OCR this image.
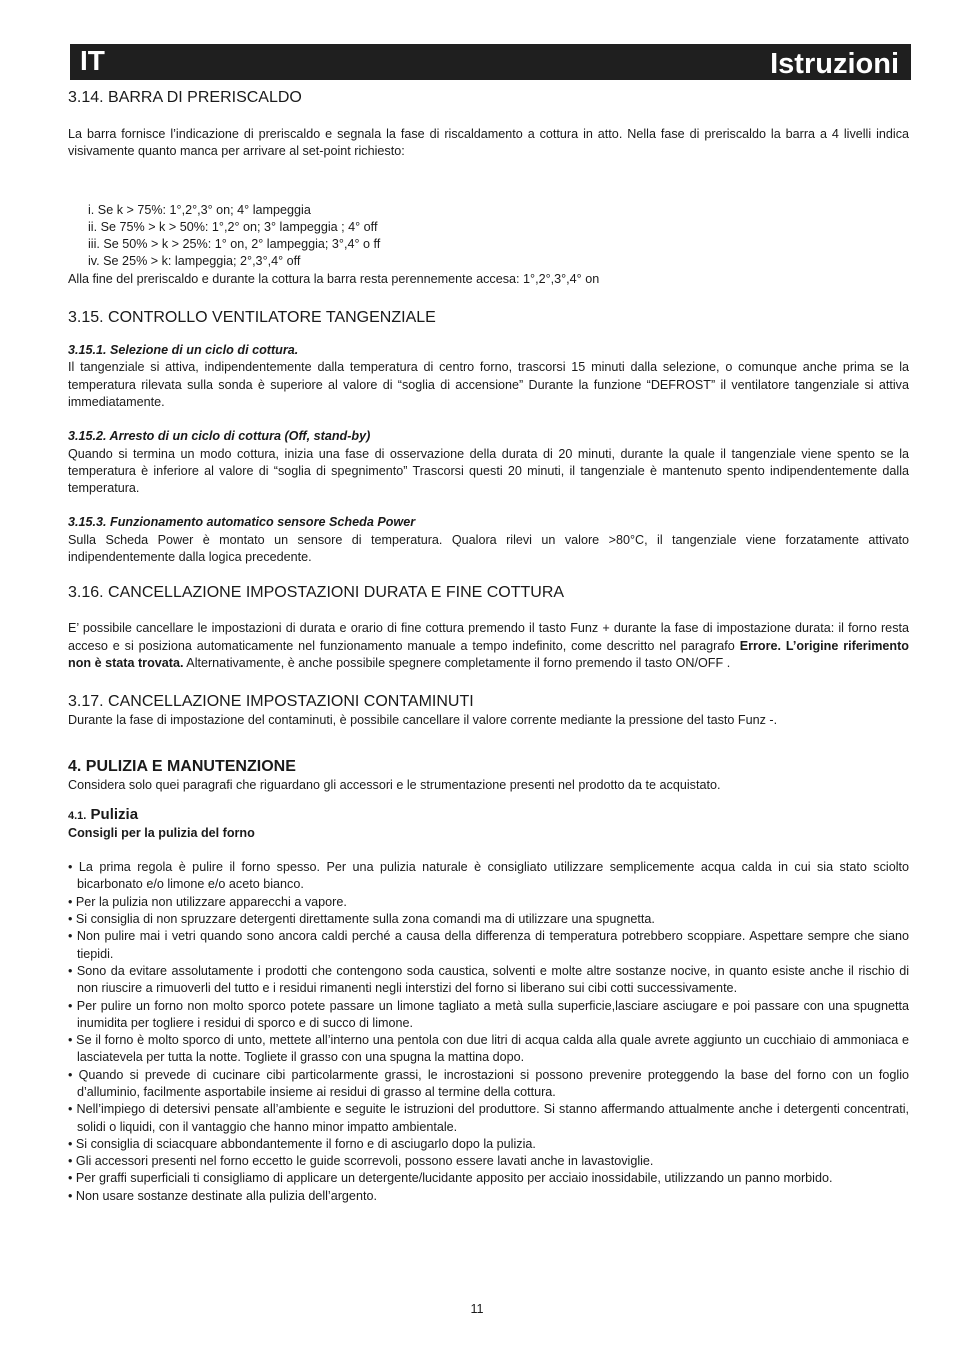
IT	Istruzioni
3.14. BARRA DI PRERISCALDO

La barra fornisce l’indicazione di preriscaldo e segnala la fase di riscaldamento a cottura in atto. Nella fase di preriscaldo la barra a 4 livelli indica visivamente quanto manca per arrivare al set-point richiesto:

i. Se k > 75%: 1°,2°,3° on; 4° lampeggia
ii. Se 75% > k > 50%: 1°,2° on; 3° lampeggia ; 4° off
iii. Se 50% > k > 25%: 1° on, 2° lampeggia; 3°,4° o ff
iv. Se 25% > k: lampeggia; 2°,3°,4° off

Alla fine del preriscaldo e durante la cottura la barra resta perennemente accesa: 1°,2°,3°,4° on

3.15. CONTROLLO VENTILATORE TANGENZIALE
3.15.1. Selezione di un ciclo di cottura.

Il tangenziale si attiva, indipendentemente dalla temperatura di centro forno, trascorsi 15 minuti dalla selezione, o comunque anche prima se la temperatura rilevata sulla sonda è superiore al valore di “soglia di accensione” Durante la funzione “DEFROST” il ventilatore tangenziale si attiva immediatamente.

3.15.2. Arresto di un ciclo di cottura (Off, stand-by)

Quando si termina un modo cottura, inizia una fase di osservazione della durata di 20 minuti, durante la quale il tangenziale viene spento se la temperatura è inferiore al valore di “soglia di spegnimento” Trascorsi questi 20 minuti, il tangenziale è mantenuto spento indipendentemente dalla temperatura.

3.15.3. Funzionamento automatico sensore Scheda Power

Sulla Scheda Power è montato un sensore di temperatura. Qualora rilevi un valore >80°C, il tangenziale viene forzatamente attivato indipendentemente dalla logica precedente.

3.16. CANCELLAZIONE IMPOSTAZIONI DURATA E FINE COTTURA

E’ possibile cancellare le impostazioni di durata e orario di fine cottura premendo il tasto Funz + durante la fase di impostazione durata: il forno resta acceso e si posiziona automaticamente nel funzionamento manuale a tempo indefinito, come descritto nel paragrafo Errore. L’origine riferimento non è stata trovata. Alternativamente, è anche possibile spegnere completamente il forno premendo il tasto ON/OFF .

3.17. CANCELLAZIONE IMPOSTAZIONI CONTAMINUTI

Durante la fase di impostazione del contaminuti, è possibile cancellare il valore corrente mediante la pressione del tasto Funz -.

4. PULIZIA E MANUTENZIONE

Considera solo quei paragrafi che riguardano gli accessori e le strumentazione presenti nel prodotto da te acquistato.

4.1. Pulizia
Consigli per la pulizia del forno
• La prima regola è pulire il forno spesso. Per una pulizia naturale è consigliato utilizzare semplicemente acqua calda in cui sia stato sciolto bicarbonato e/o limone e/o aceto bianco.
• Per la pulizia non utilizzare apparecchi a vapore.
• Si consiglia di non spruzzare detergenti direttamente sulla zona comandi ma di utilizzare una spugnetta.
• Non pulire mai i vetri quando sono ancora caldi perché a causa della differenza di temperatura potrebbero scoppiare. Aspettare sempre che siano tiepidi.
• Sono da evitare assolutamente i prodotti che contengono soda caustica, solventi e molte altre sostanze nocive, in quanto esiste anche il rischio di non riuscire a rimuoverli del tutto e i residui rimanenti negli interstizi del forno si liberano sui cibi cotti successivamente.
• Per pulire un forno non molto sporco potete passare un limone tagliato a metà sulla superficie,lasciare asciugare e poi passare con una spugnetta inumidita per togliere i residui di sporco e di succo di limone.
• Se il forno è molto sporco di unto, mettete all’interno una pentola con due litri di acqua calda alla quale avrete aggiunto un cucchiaio di ammoniaca e lasciatevela per tutta la notte. Togliete il grasso con una spugna la mattina dopo.
• Quando si prevede di cucinare cibi particolarmente grassi, le incrostazioni si possono prevenire proteggendo la base del forno con un foglio d’alluminio, facilmente asportabile insieme ai residui di grasso al termine della cottura.
• Nell’impiego di detersivi pensate all’ambiente e seguite le istruzioni del produttore. Si stanno affermando attualmente anche i detergenti concentrati, solidi o liquidi, con il vantaggio che hanno minor impatto ambientale.
• Si consiglia di sciacquare abbondantemente il forno e di asciugarlo dopo la pulizia.
• Gli accessori presenti nel forno eccetto le guide scorrevoli, possono essere lavati anche in lavastoviglie.
• Per graffi superficiali ti consigliamo di applicare un detergente/lucidante apposito per acciaio inossidabile, utilizzando un panno morbido.
• Non usare sostanze destinate alla pulizia dell’argento.
11
